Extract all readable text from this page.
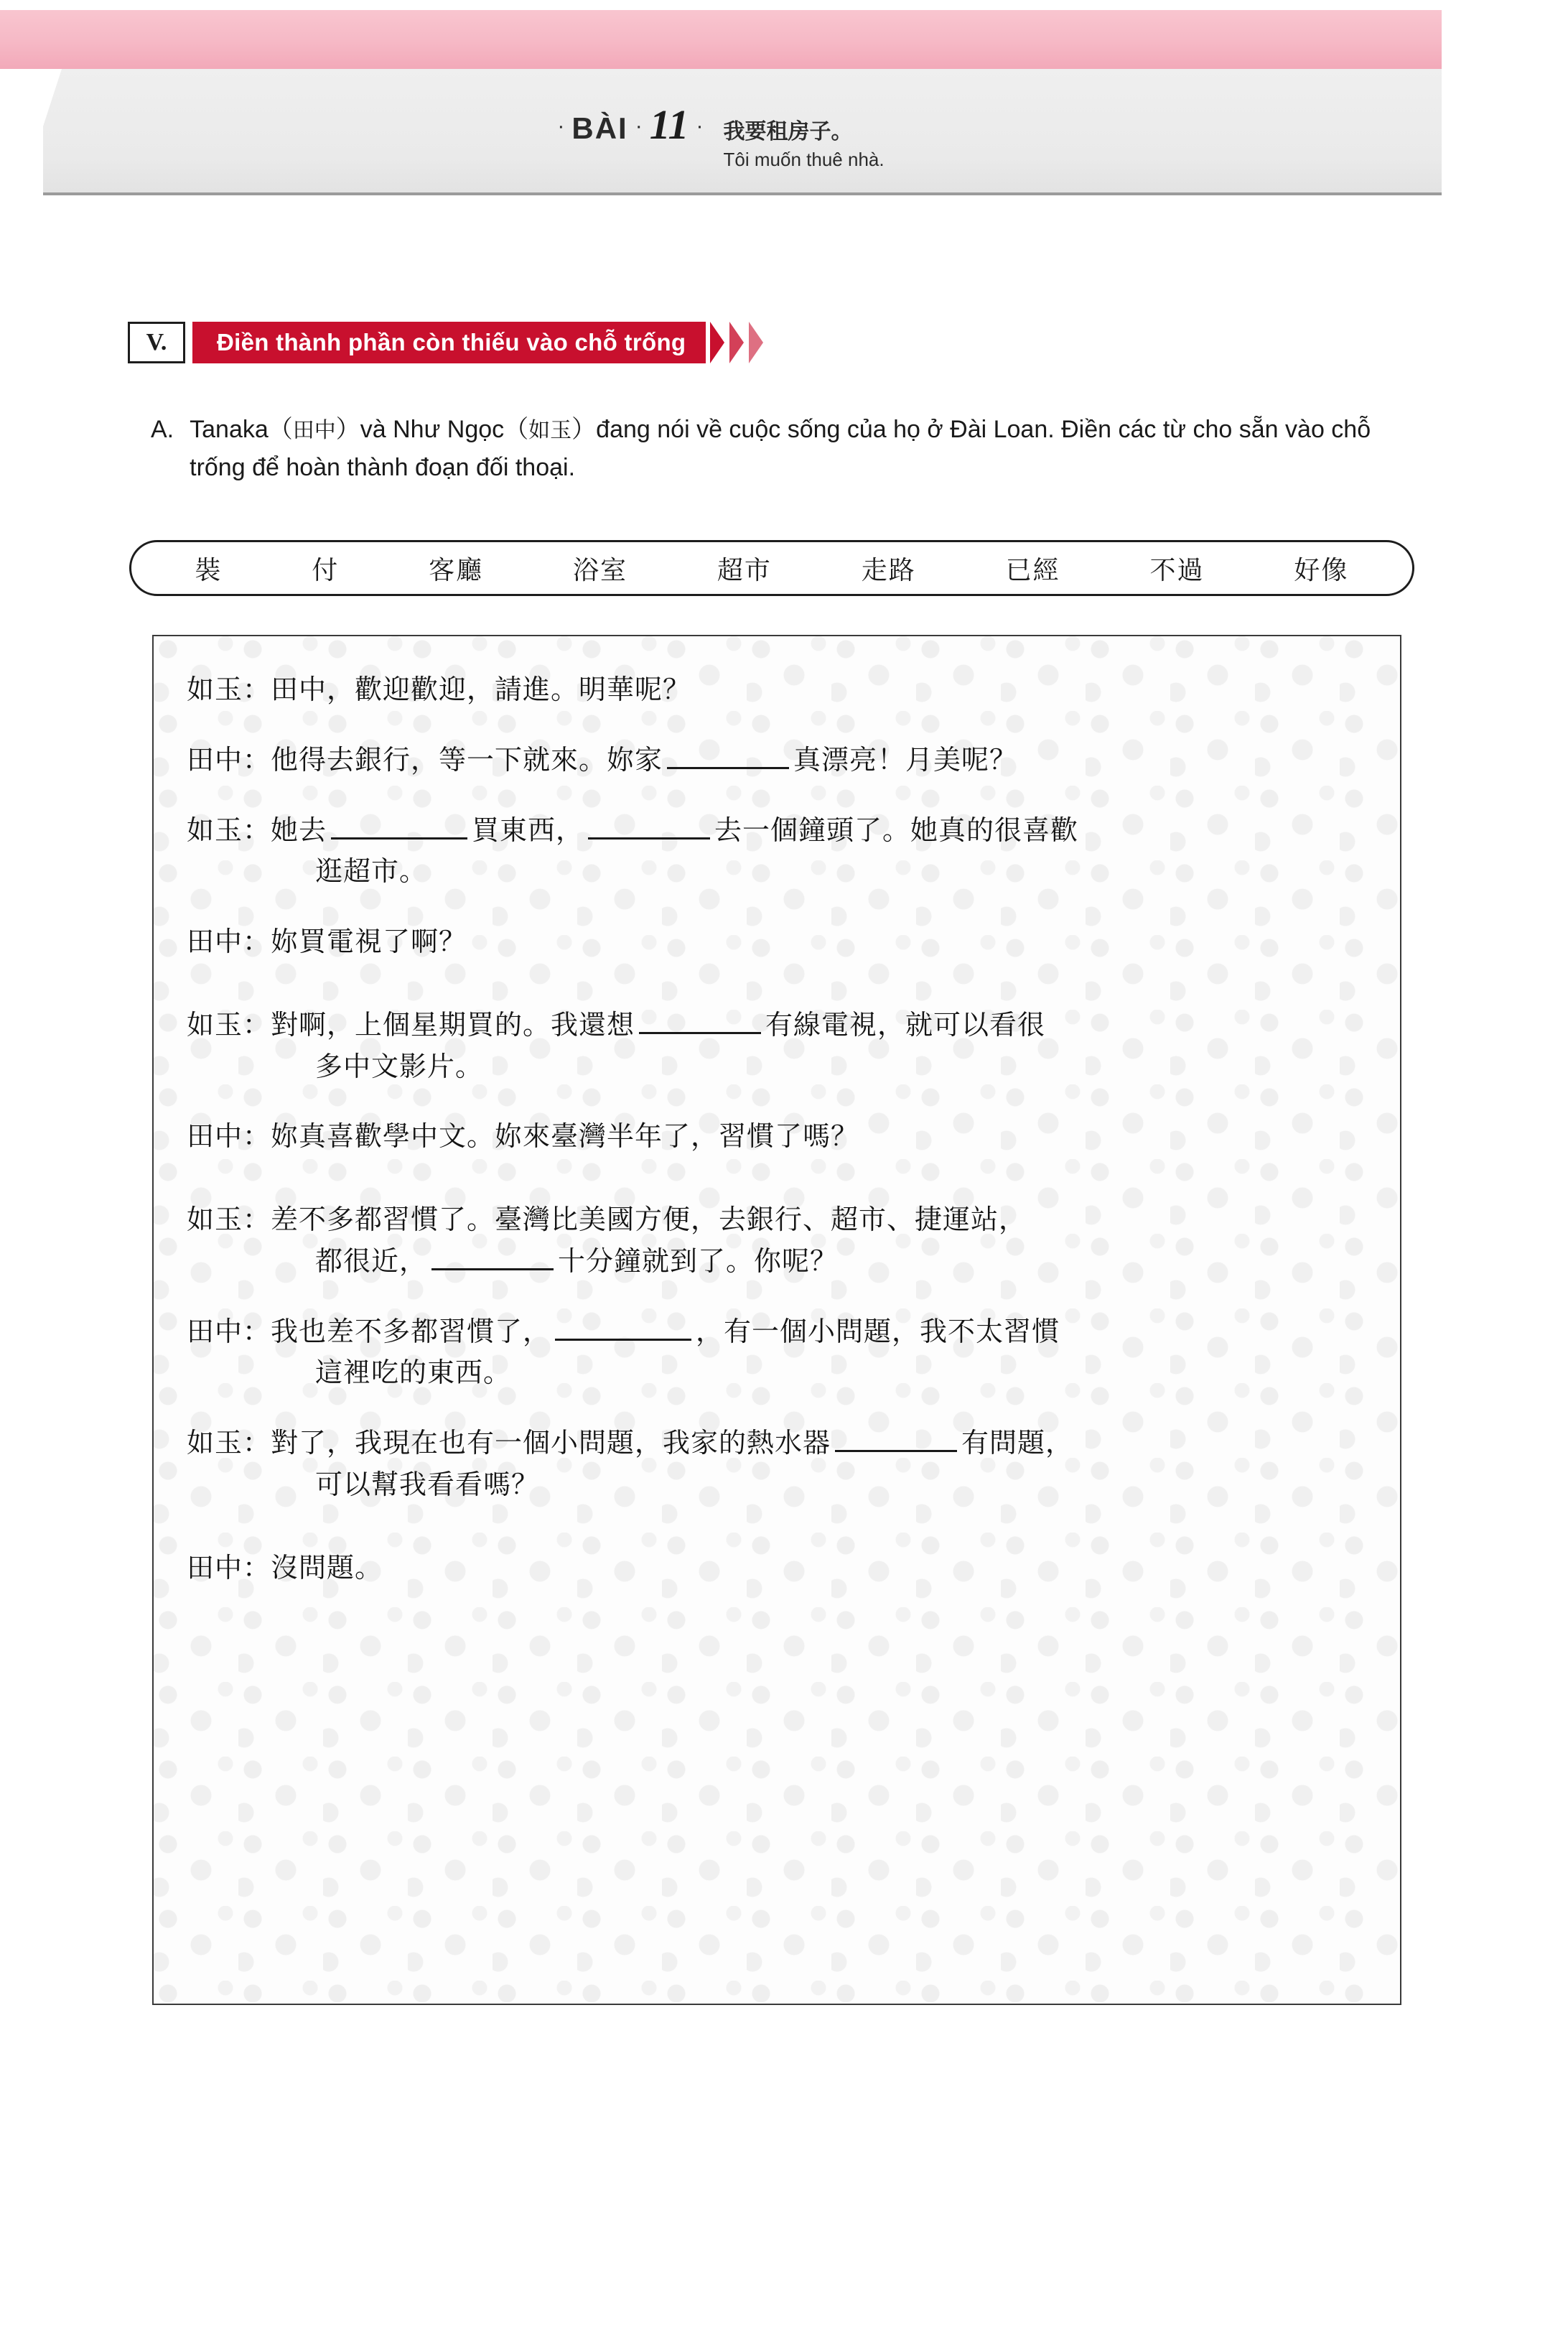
· BÀI · 11 · 我要租房子。
Tôi muốn thuê nhà.
V.	Điền thành phần còn thiếu vào chỗ trống
A. Tanaka（田中）và Như Ngọc（如玉）đang nói về cuộc sống của họ ở Đài Loan. Điền các từ cho sẵn vào chỗ trống để hoàn thành đoạn đối thoại.
裝	付	客廳	浴室	超市	走路	已經	不過	好像
如玉： 田中，歡迎歡迎，請進。明華呢？
田中： 他得去銀行，等一下就來。妳家	真漂亮！月美呢？
如玉： 她去	買東西，	去一個鐘頭了。她真的很喜歡
逛超市。
田中： 妳買電視了啊？
如玉： 對啊，上個星期買的。我還想	有線電視，就可以看很
多中文影片。
田中： 妳真喜歡學中文。妳來臺灣半年了，習慣了嗎？
如玉： 差不多都習慣了。臺灣比美國方便，去銀行、超市、捷運站，
都很近，	十分鐘就到了。你呢？
田中： 我也差不多都習慣了，	，有一個小問題，我不太習慣
這裡吃的東西。
如玉： 對了，我現在也有一個小問題，我家的熱水器	有問題，
可以幫我看看嗎？
田中： 沒問題。
